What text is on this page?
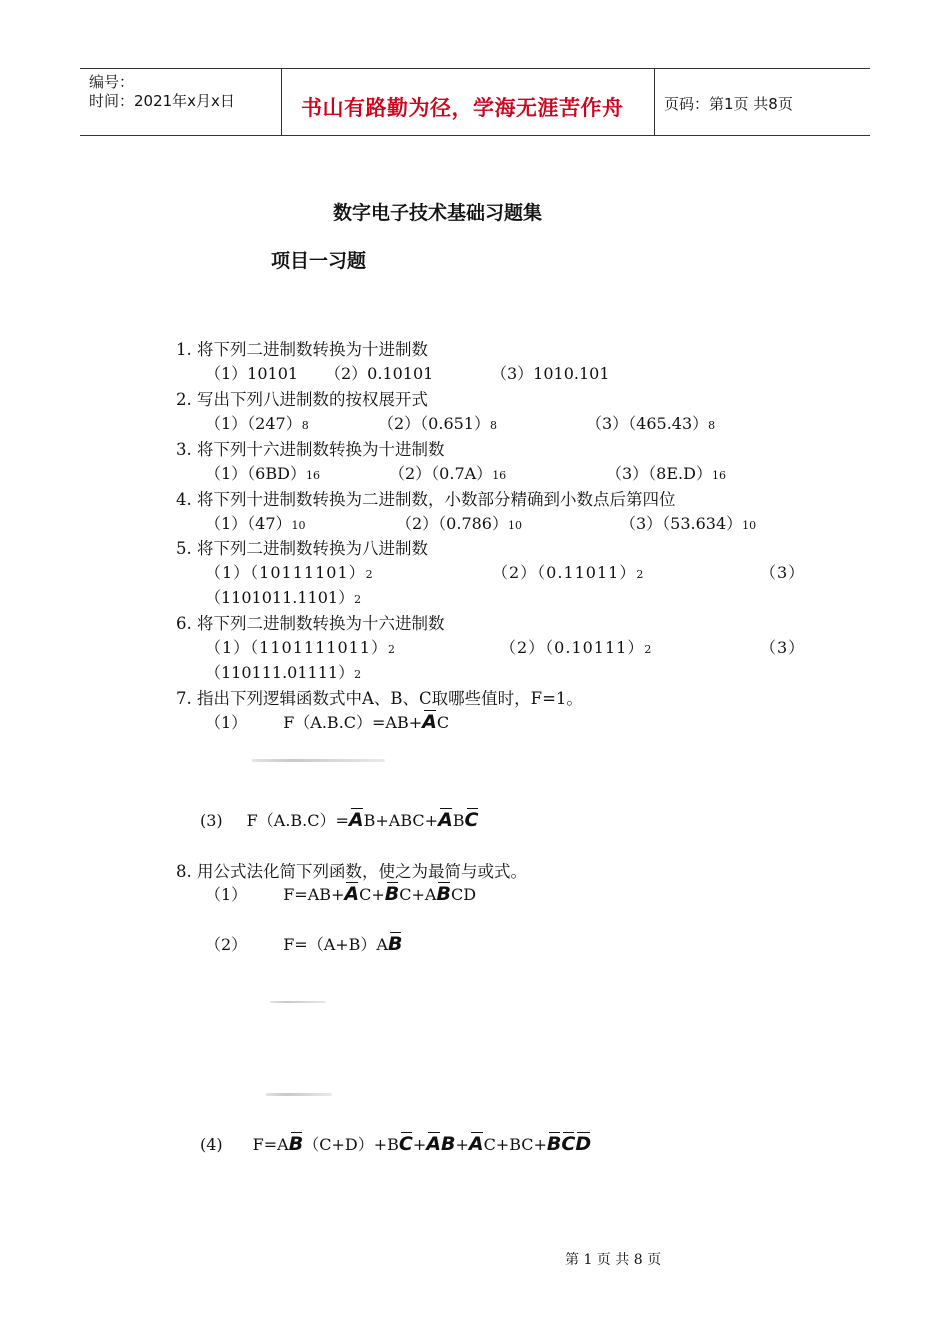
编号：
时间：2021年x月x日	书山有路勤为径，学海无涯苦作舟	页码：第1页 共8页
数字电子技术基础习题集
项目一习题
1. 将下列二进制数转换为十进制数
（1）10101 （2）0.10101	（3）1010.101
2. 写出下列八进制数的按权展开式
（1）（247）8	（2）（0.651）8	（3）（465.43）8
3. 将下列十六进制数转换为十进制数
（1）（6BD）16	（2）（0.7A）16	（3）（8E.D）16
4. 将下列十进制数转换为二进制数，小数部分精确到小数点后第四位
（1）（47）10	（2）（0.786）10	（3）（53.634）10
5. 将下列二进制数转换为八进制数
（1）（10111101）2	（2）（0.11011）2	（3）
（1101011.1101）2
6. 将下列二进制数转换为十六进制数
（1）（1101111011）2	（2）（0.10111）2	（3）
（110111.01111）2
7. 指出下列逻辑函数式中A、B、C取哪些值时，F=1。
（1） F（A.B.C）=AB+AC
(3) F（A.B.C）=AB+ABC+ABC
8. 用公式法化简下列函数，使之为最简与或式。
（1） F=AB+AC+BC+ABCD
（2） F=（A+B）AB
(4) F=AB（C+D）+BC+AB+AC+BC+BCD
第 1 页 共 8 页
